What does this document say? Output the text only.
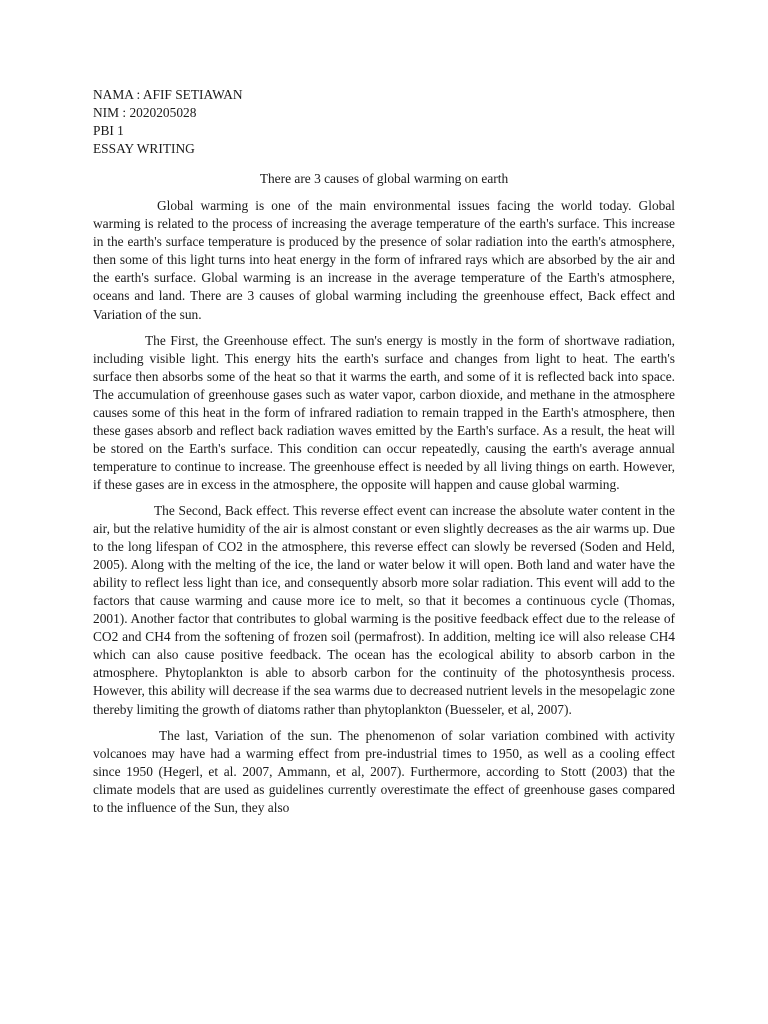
NAMA : AFIF SETIAWAN

NIM : 2020205028

PBI 1

ESSAY WRITING

There are 3 causes of global warming on earth

Global warming is one of the main environmental issues facing the world today. Global warming is related to the process of increasing the average temperature of the earth's surface. This increase in the earth's surface temperature is produced by the presence of solar radiation into the earth's atmosphere, then some of this light turns into heat energy in the form of infrared rays which are absorbed by the air and the earth's surface. Global warming is an increase in the average temperature of the Earth's atmosphere, oceans and land. There are 3 causes of global warming including the greenhouse effect, Back effect and Variation of the sun.

The First, the Greenhouse effect. The sun's energy is mostly in the form of shortwave radiation, including visible light. This energy hits the earth's surface and changes from light to heat. The earth's surface then absorbs some of the heat so that it warms the earth, and some of it is reflected back into space. The accumulation of greenhouse gases such as water vapor, carbon dioxide, and methane in the atmosphere causes some of this heat in the form of infrared radiation to remain trapped in the Earth's atmosphere, then these gases absorb and reflect back radiation waves emitted by the Earth's surface. As a result, the heat will be stored on the Earth's surface. This condition can occur repeatedly, causing the earth's average annual temperature to continue to increase. The greenhouse effect is needed by all living things on earth. However, if these gases are in excess in the atmosphere, the opposite will happen and cause global warming.

The Second, Back effect. This reverse effect event can increase the absolute water content in the air, but the relative humidity of the air is almost constant or even slightly decreases as the air warms up. Due to the long lifespan of CO2 in the atmosphere, this reverse effect can slowly be reversed (Soden and Held, 2005). Along with the melting of the ice, the land or water below it will open. Both land and water have the ability to reflect less light than ice, and consequently absorb more solar radiation. This event will add to the factors that cause warming and cause more ice to melt, so that it becomes a continuous cycle (Thomas, 2001). Another factor that contributes to global warming is the positive feedback effect due to the release of CO2 and CH4 from the softening of frozen soil (permafrost). In addition, melting ice will also release CH4 which can also cause positive feedback. The ocean has the ecological ability to absorb carbon in the atmosphere. Phytoplankton is able to absorb carbon for the continuity of the photosynthesis process. However, this ability will decrease if the sea warms due to decreased nutrient levels in the mesopelagic zone thereby limiting the growth of diatoms rather than phytoplankton (Buesseler, et al, 2007).

The last, Variation of the sun. The phenomenon of solar variation combined with activity volcanoes may have had a warming effect from pre-industrial times to 1950, as well as a cooling effect since 1950 (Hegerl, et al. 2007, Ammann, et al, 2007). Furthermore, according to Stott (2003) that the climate models that are used as guidelines currently overestimate the effect of greenhouse gases compared to the influence of the Sun, they also
